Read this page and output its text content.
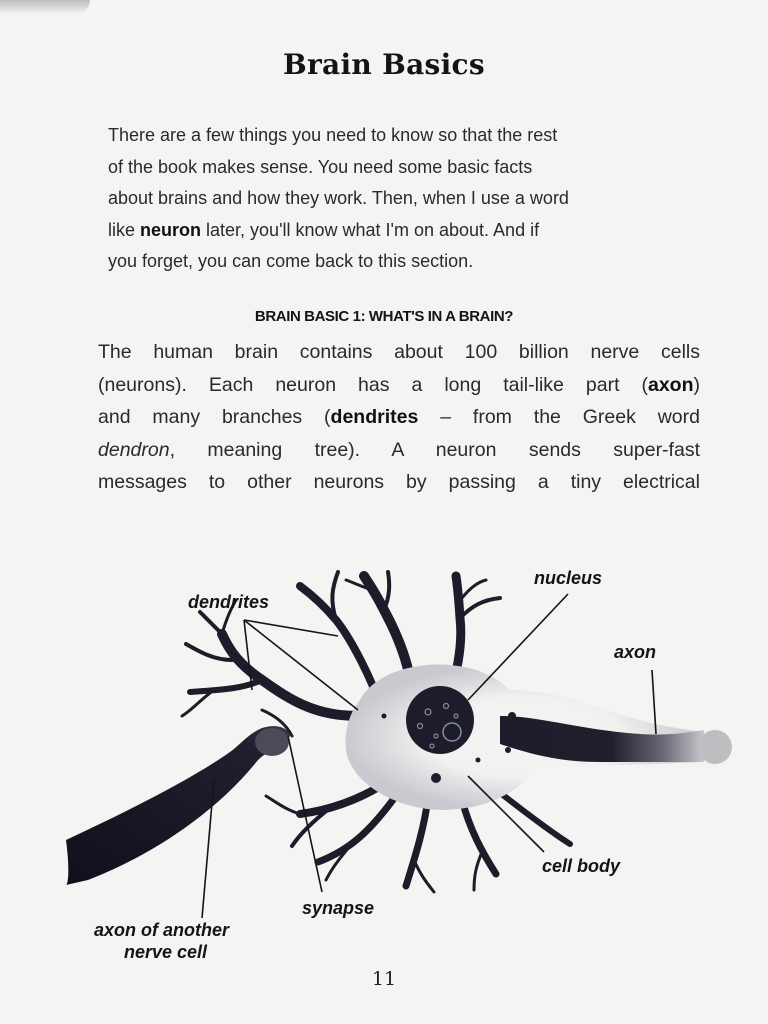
Brain Basics

There are a few things you need to know so that the rest
of the book makes sense. You need some basic facts
about brains and how they work. Then, when I use a word
like neuron later, you'll know what I'm on about. And if
you forget, you can come back to this section.

BRAIN BASIC 1: WHAT'S IN A BRAIN?

The human brain contains about 100 billion nerve cells
(neurons). Each neuron has a long tail-like part (axon)
and many branches (dendrites – from the Greek word
dendron, meaning tree). A neuron sends super-fast
messages to other neurons by passing a tiny electrical

dendrites
nucleus
axon
cell body
synapse
axon of another
nerve cell
11
